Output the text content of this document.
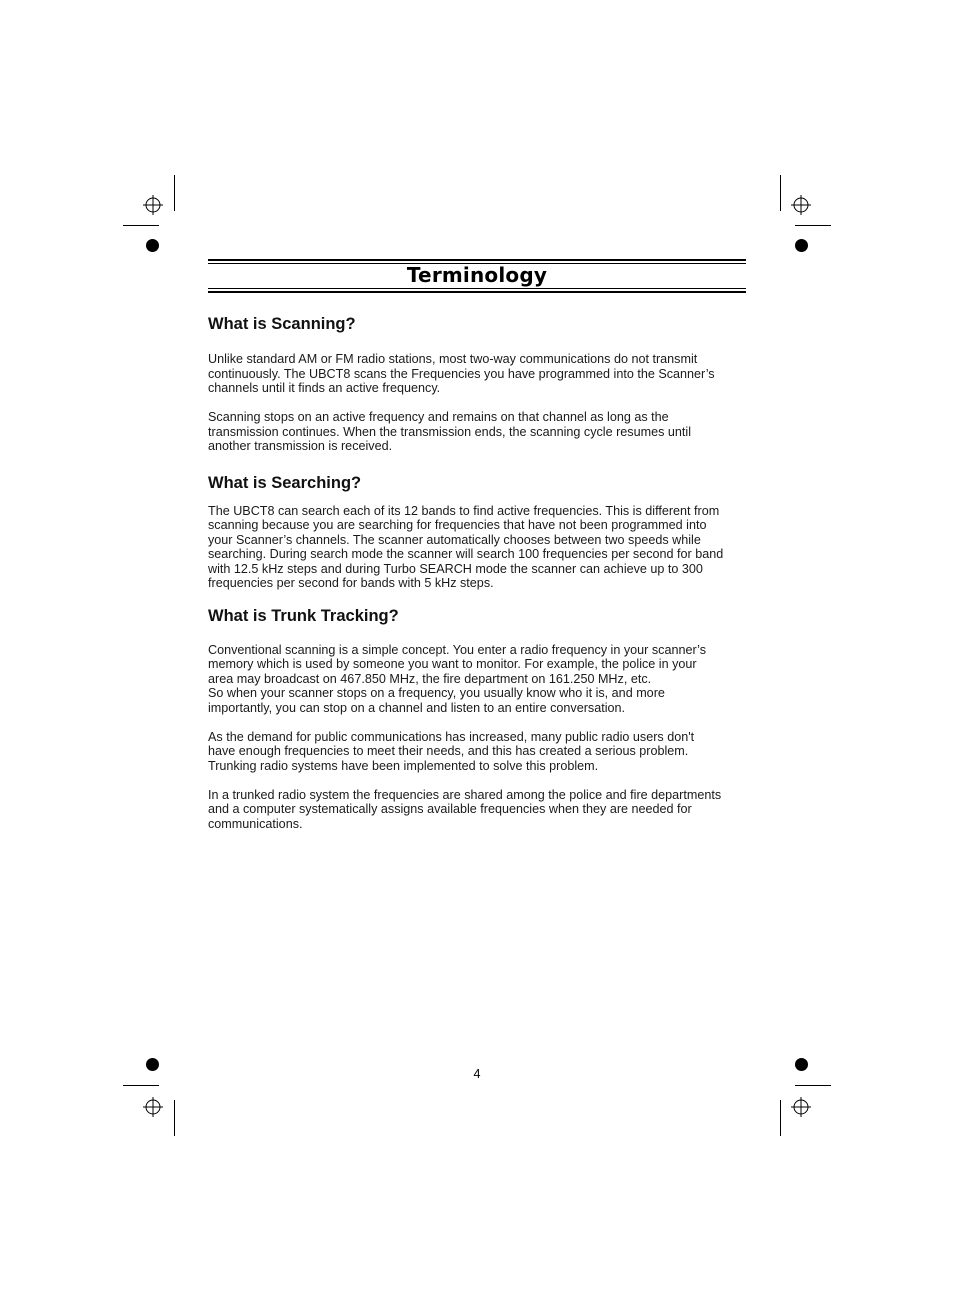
Terminology
What is Scanning?

Unlike standard AM or FM radio stations, most two-way communications do not transmit
continuously. The UBCT8 scans the Frequencies you have programmed into the Scanner’s
channels until it finds an active frequency.

Scanning stops on an active frequency and remains on that channel as long as the
transmission continues. When the transmission ends, the scanning cycle resumes until
another transmission is received.

What is Searching?

The UBCT8 can search each of its 12 bands to find active frequencies. This is different from
scanning because you are searching for frequencies that have not been programmed into
your Scanner’s channels. The scanner automatically chooses between two speeds while
searching. During search mode the scanner will search 100 frequencies per second for band
with 12.5 kHz steps and during Turbo SEARCH mode the scanner can achieve up to 300
frequencies per second for bands with 5 kHz steps.

What is Trunk Tracking?

Conventional scanning is a simple concept. You enter a radio frequency in your scanner’s
memory which is used by someone you want to monitor. For example, the police in your
area may broadcast on 467.850 MHz, the fire department on 161.250 MHz, etc.
So when your scanner stops on a frequency, you usually know who it is, and more
importantly, you can stop on a channel and listen to an entire conversation.

As the demand for public communications has increased, many public radio users don't
have enough frequencies to meet their needs, and this has created a serious problem.
Trunking radio systems have been implemented to solve this problem.

In a trunked radio system the frequencies are shared among the police and fire departments
and a computer systematically assigns available frequencies when they are needed for
communications.

4
